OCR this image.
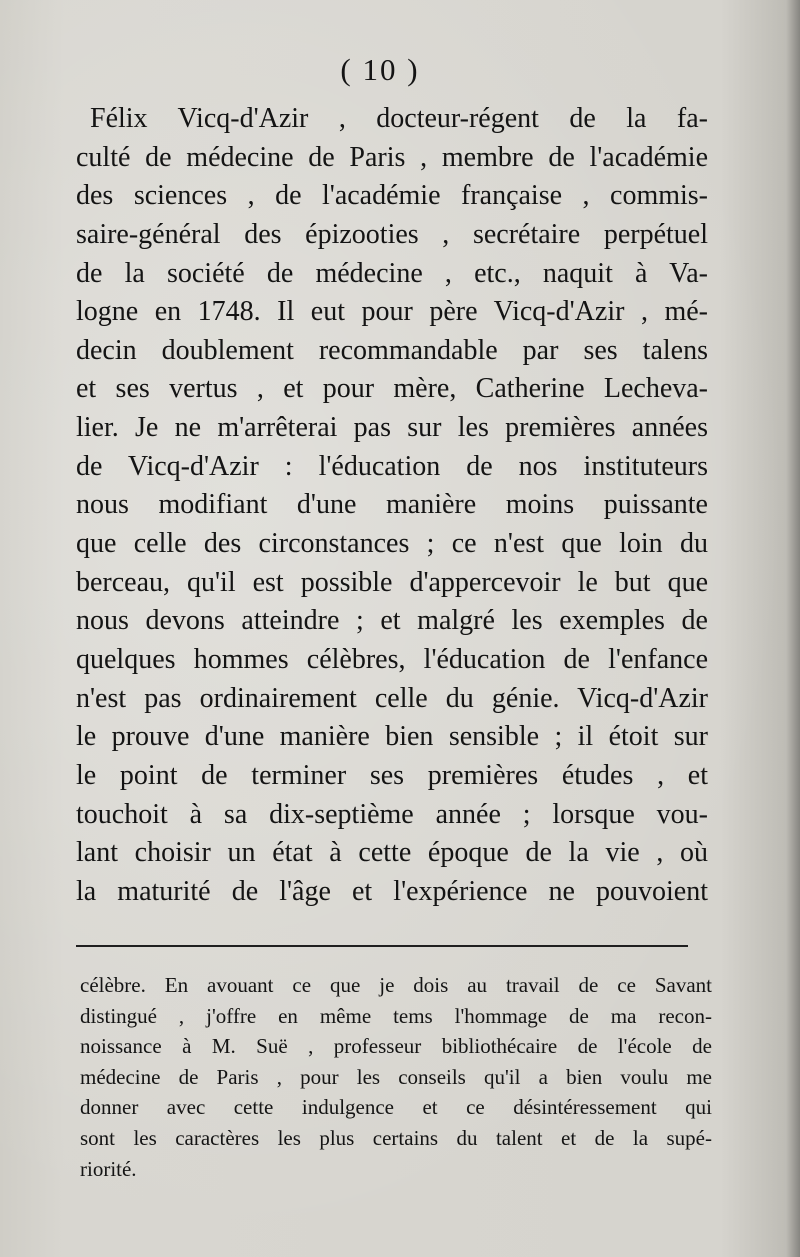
( 10 )
Félix Vicq-d'Azir , docteur-régent de la fa-
culté de médecine de Paris , membre de l'académie
des sciences , de l'académie française , commis-
saire-général des épizooties , secrétaire perpétuel
de la société de médecine , etc., naquit à Va-
logne en 1748. Il eut pour père Vicq-d'Azir , mé-
decin doublement recommandable par ses talens
et ses vertus , et pour mère, Catherine Lecheva-
lier. Je ne m'arrêterai pas sur les premières années
de Vicq-d'Azir : l'éducation de nos instituteurs
nous modifiant d'une manière moins puissante
que celle des circonstances ; ce n'est que loin du
berceau, qu'il est possible d'appercevoir le but que
nous devons atteindre ; et malgré les exemples de
quelques hommes célèbres, l'éducation de l'enfance
n'est pas ordinairement celle du génie. Vicq-d'Azir
le prouve d'une manière bien sensible ; il étoit sur
le point de terminer ses premières études , et
touchoit à sa dix-septième année ; lorsque vou-
lant choisir un état à cette époque de la vie , où
la maturité de l'âge et l'expérience ne pouvoient
célèbre. En avouant ce que je dois au travail de ce Savant
distingué , j'offre en même tems l'hommage de ma recon-
noissance à M. Suë , professeur bibliothécaire de l'école de
médecine de Paris , pour les conseils qu'il a bien voulu me
donner avec cette indulgence et ce désintéressement qui
sont les caractères les plus certains du talent et de la supé-
riorité.
